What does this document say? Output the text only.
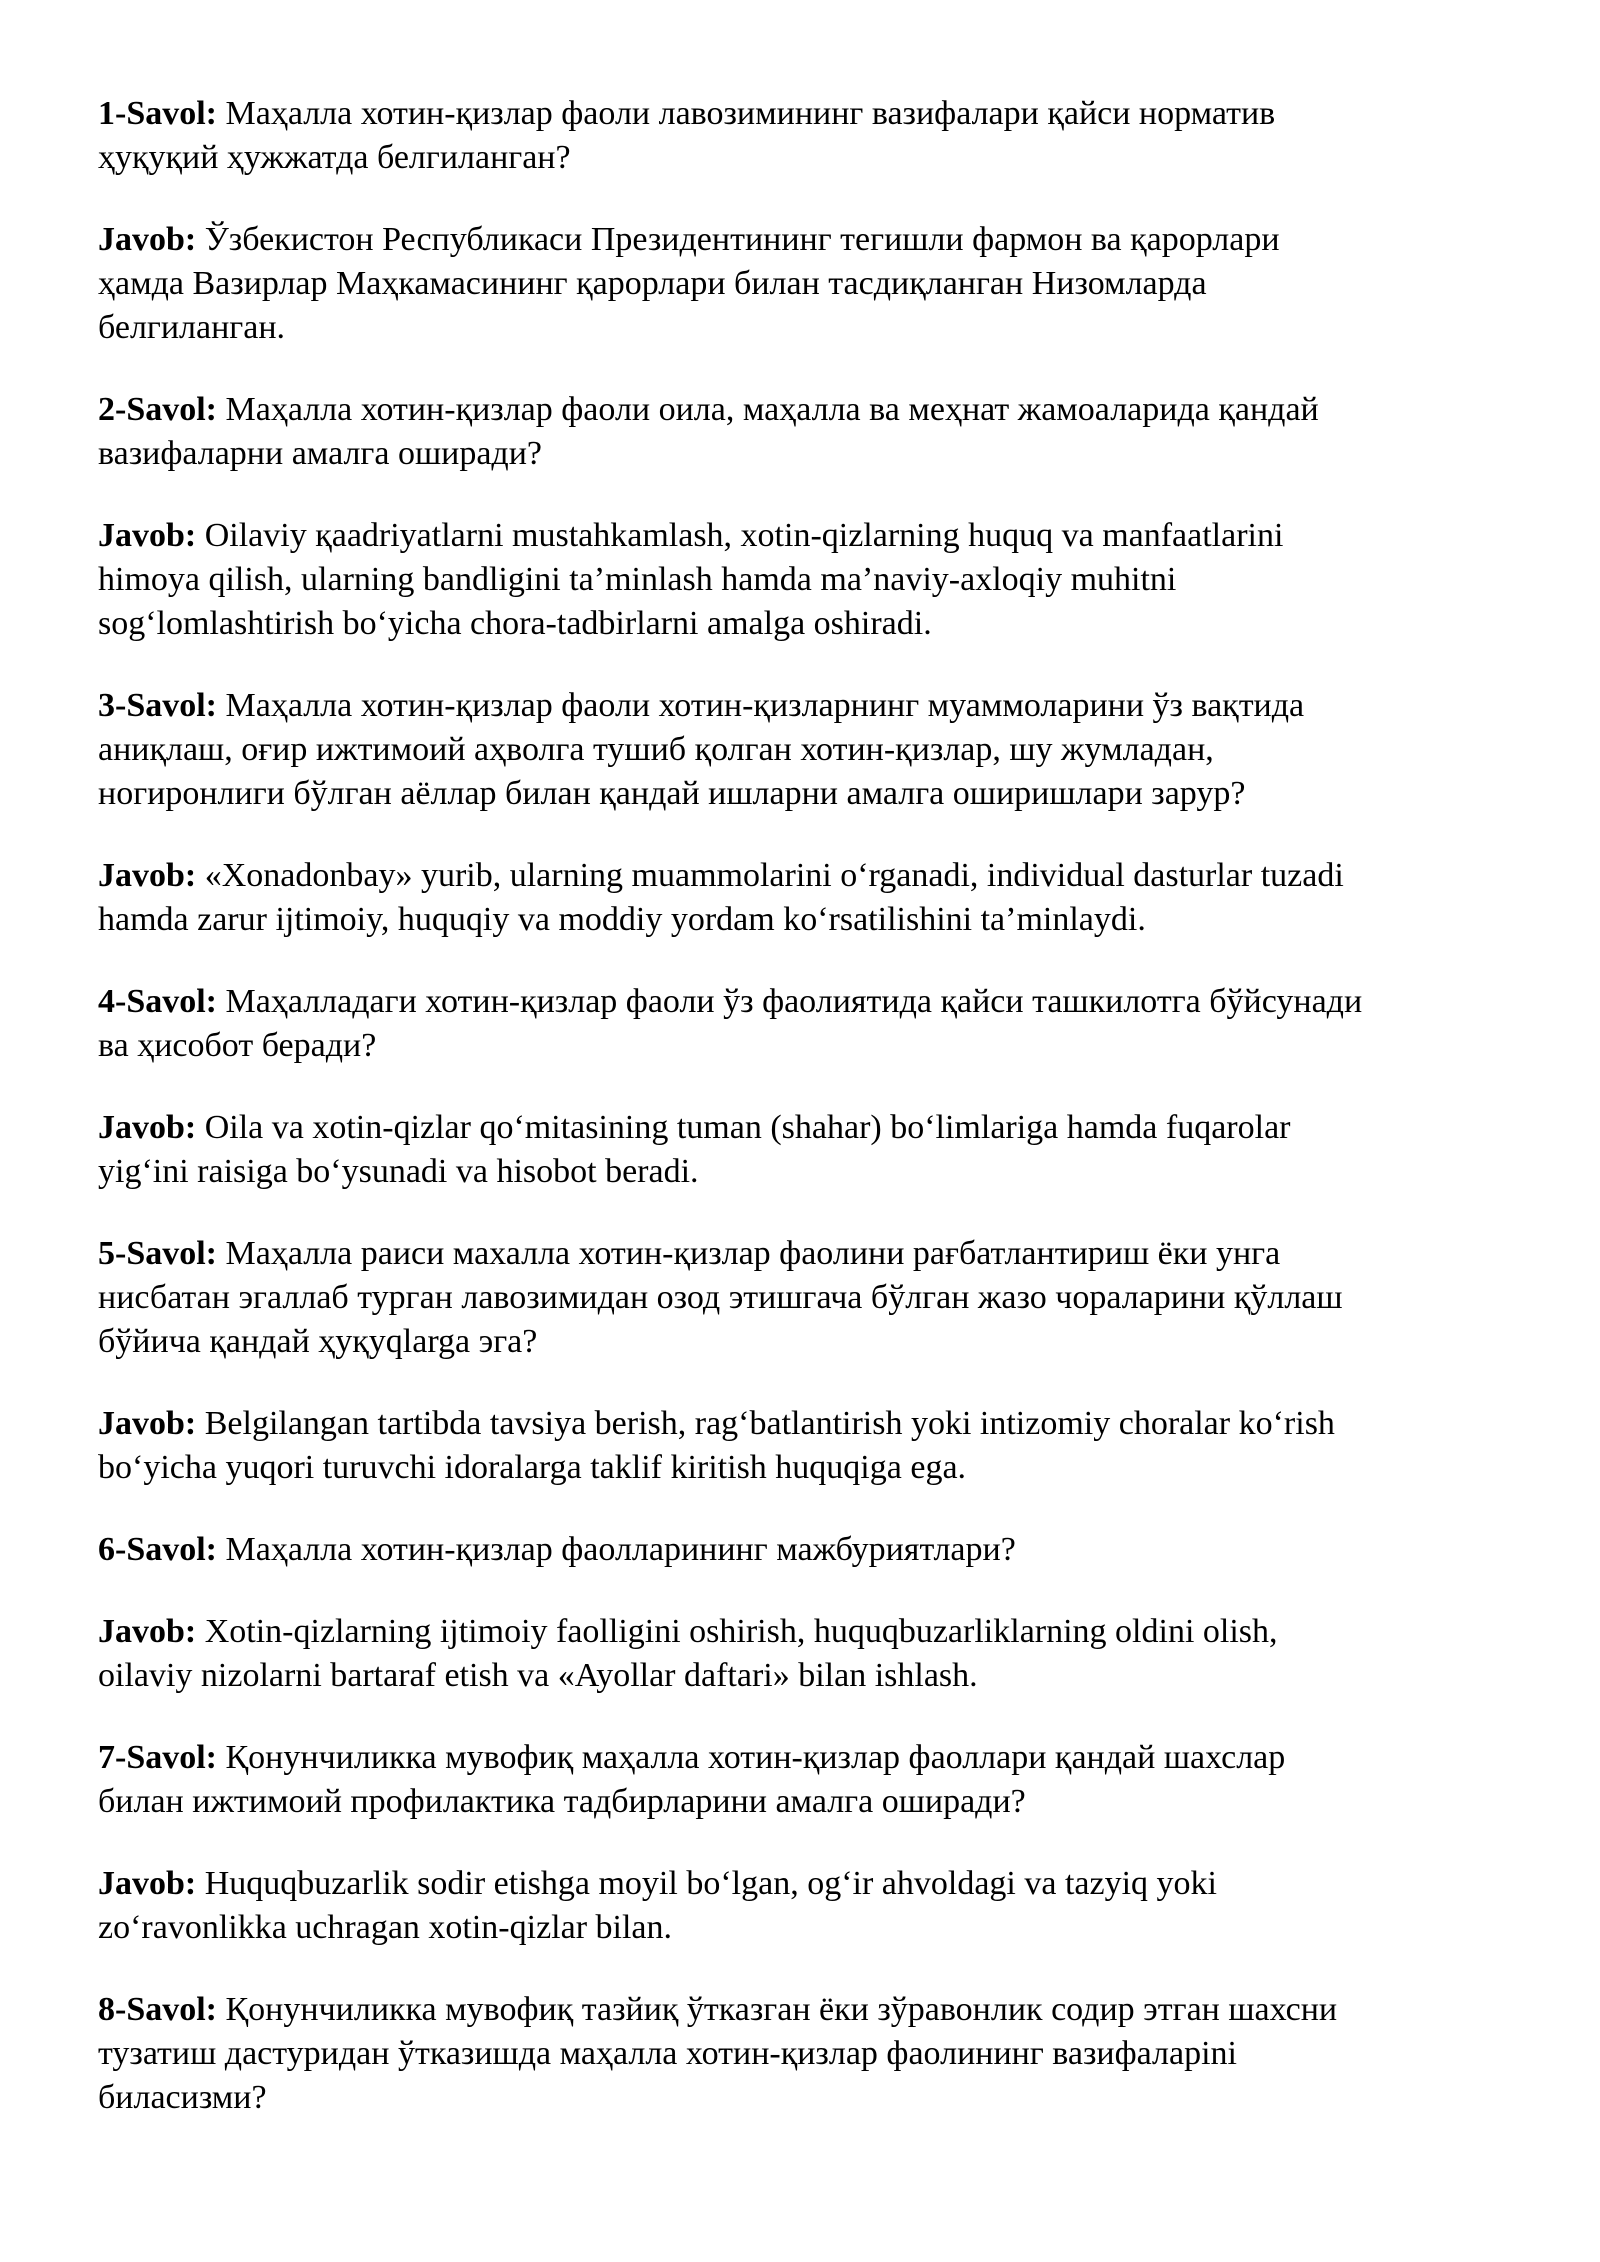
1-Savol: Маҳалла хотин-қизлар фаоли лавозимининг вазифалари қайси норматив
ҳуқуқий ҳужжатда белгиланган?

Javob: Ўзбекистон Республикаси Президентининг тегишли фармон ва қарорлари
ҳамда Вазирлар Маҳкамасининг қарорлари билан тасдиқланган Низомларда
белгиланган.

2-Savol: Маҳалла хотин-қизлар фаоли оила, маҳалла ва меҳнат жамоаларида қандай
вазифаларни амалга оширади?

Javob: Oilaviy қaadriyatlarni mustahkamlash, xotin-qizlarning huquq va manfaatlarini
himoya qilish, ularning bandligini ta’minlash hamda ma’naviy-axloqiy muhitni
sog‘lomlashtirish bo‘yicha chora-tadbirlarni amalga oshiradi.

3-Savol: Маҳалла хотин-қизлар фаоли хотин-қизларнинг муаммоларини ўз вақтида
аниқлаш, оғир ижтимоий аҳволга тушиб қолган хотин-қизлар, шу жумладан,
ногиронлиги бўлган аёллар билан қандай ишларни амалга оширишлари зарур?

Javob: «Xonadonbay» yurib, ularning muammolarini o‘rganadi, individual dasturlar tuzadi
hamda zarur ijtimoiy, huquqiy va moddiy yordam ko‘rsatilishini ta’minlaydi.

4-Savol: Маҳалладаги хотин-қизлар фаоли ўз фаолиятида қайси ташкилотга бўйсунади
ва ҳисобот беради?

Javob: Oila va xotin-qizlar qo‘mitasining tuman (shahar) bo‘limlariga hamda fuqarolar
yig‘ini raisiga bo‘ysunadi va hisobot beradi.

5-Savol: Маҳалла раиси махалла хотин-қизлар фаолини рағбатлантириш ёки унга
нисбатан эгаллаб турган лавозимидан озод этишгача бўлган жазо чораларини қўллаш
бўйича қандай ҳуқуqlarga эга?

Javob: Belgilangan tartibda tavsiya berish, rag‘batlantirish yoki intizomiy choralar ko‘rish
bo‘yicha yuqori turuvchi idoralarga taklif kiritish huquqiga ega.

6-Savol: Маҳалла хотин-қизлар фаолларининг мажбуриятлари?

Javob: Xotin-qizlarning ijtimoiy faolligini oshirish, huquqbuzarliklarning oldini olish,
oilaviy nizolarni bartaraf etish va «Ayollar daftari» bilan ishlash.

7-Savol: Қонунчиликка мувофиқ маҳалла хотин-қизлар фаоллари қандай шахслар
билан ижтимоий профилактика тадбирларини амалга оширади?

Javob: Huquqbuzarlik sodir etishga moyil bo‘lgan, og‘ir ahvoldagi va tazyiq yoki
zo‘ravonlikka uchragan xotin-qizlar bilan.

8-Savol: Қонунчиликка мувофиқ тазйиқ ўтказган ёки зўравонлик содир этган шахсни
тузатиш дастуридан ўтказишда маҳалла хотин-қизлар фаолининг вазифаларini
биласизми?
